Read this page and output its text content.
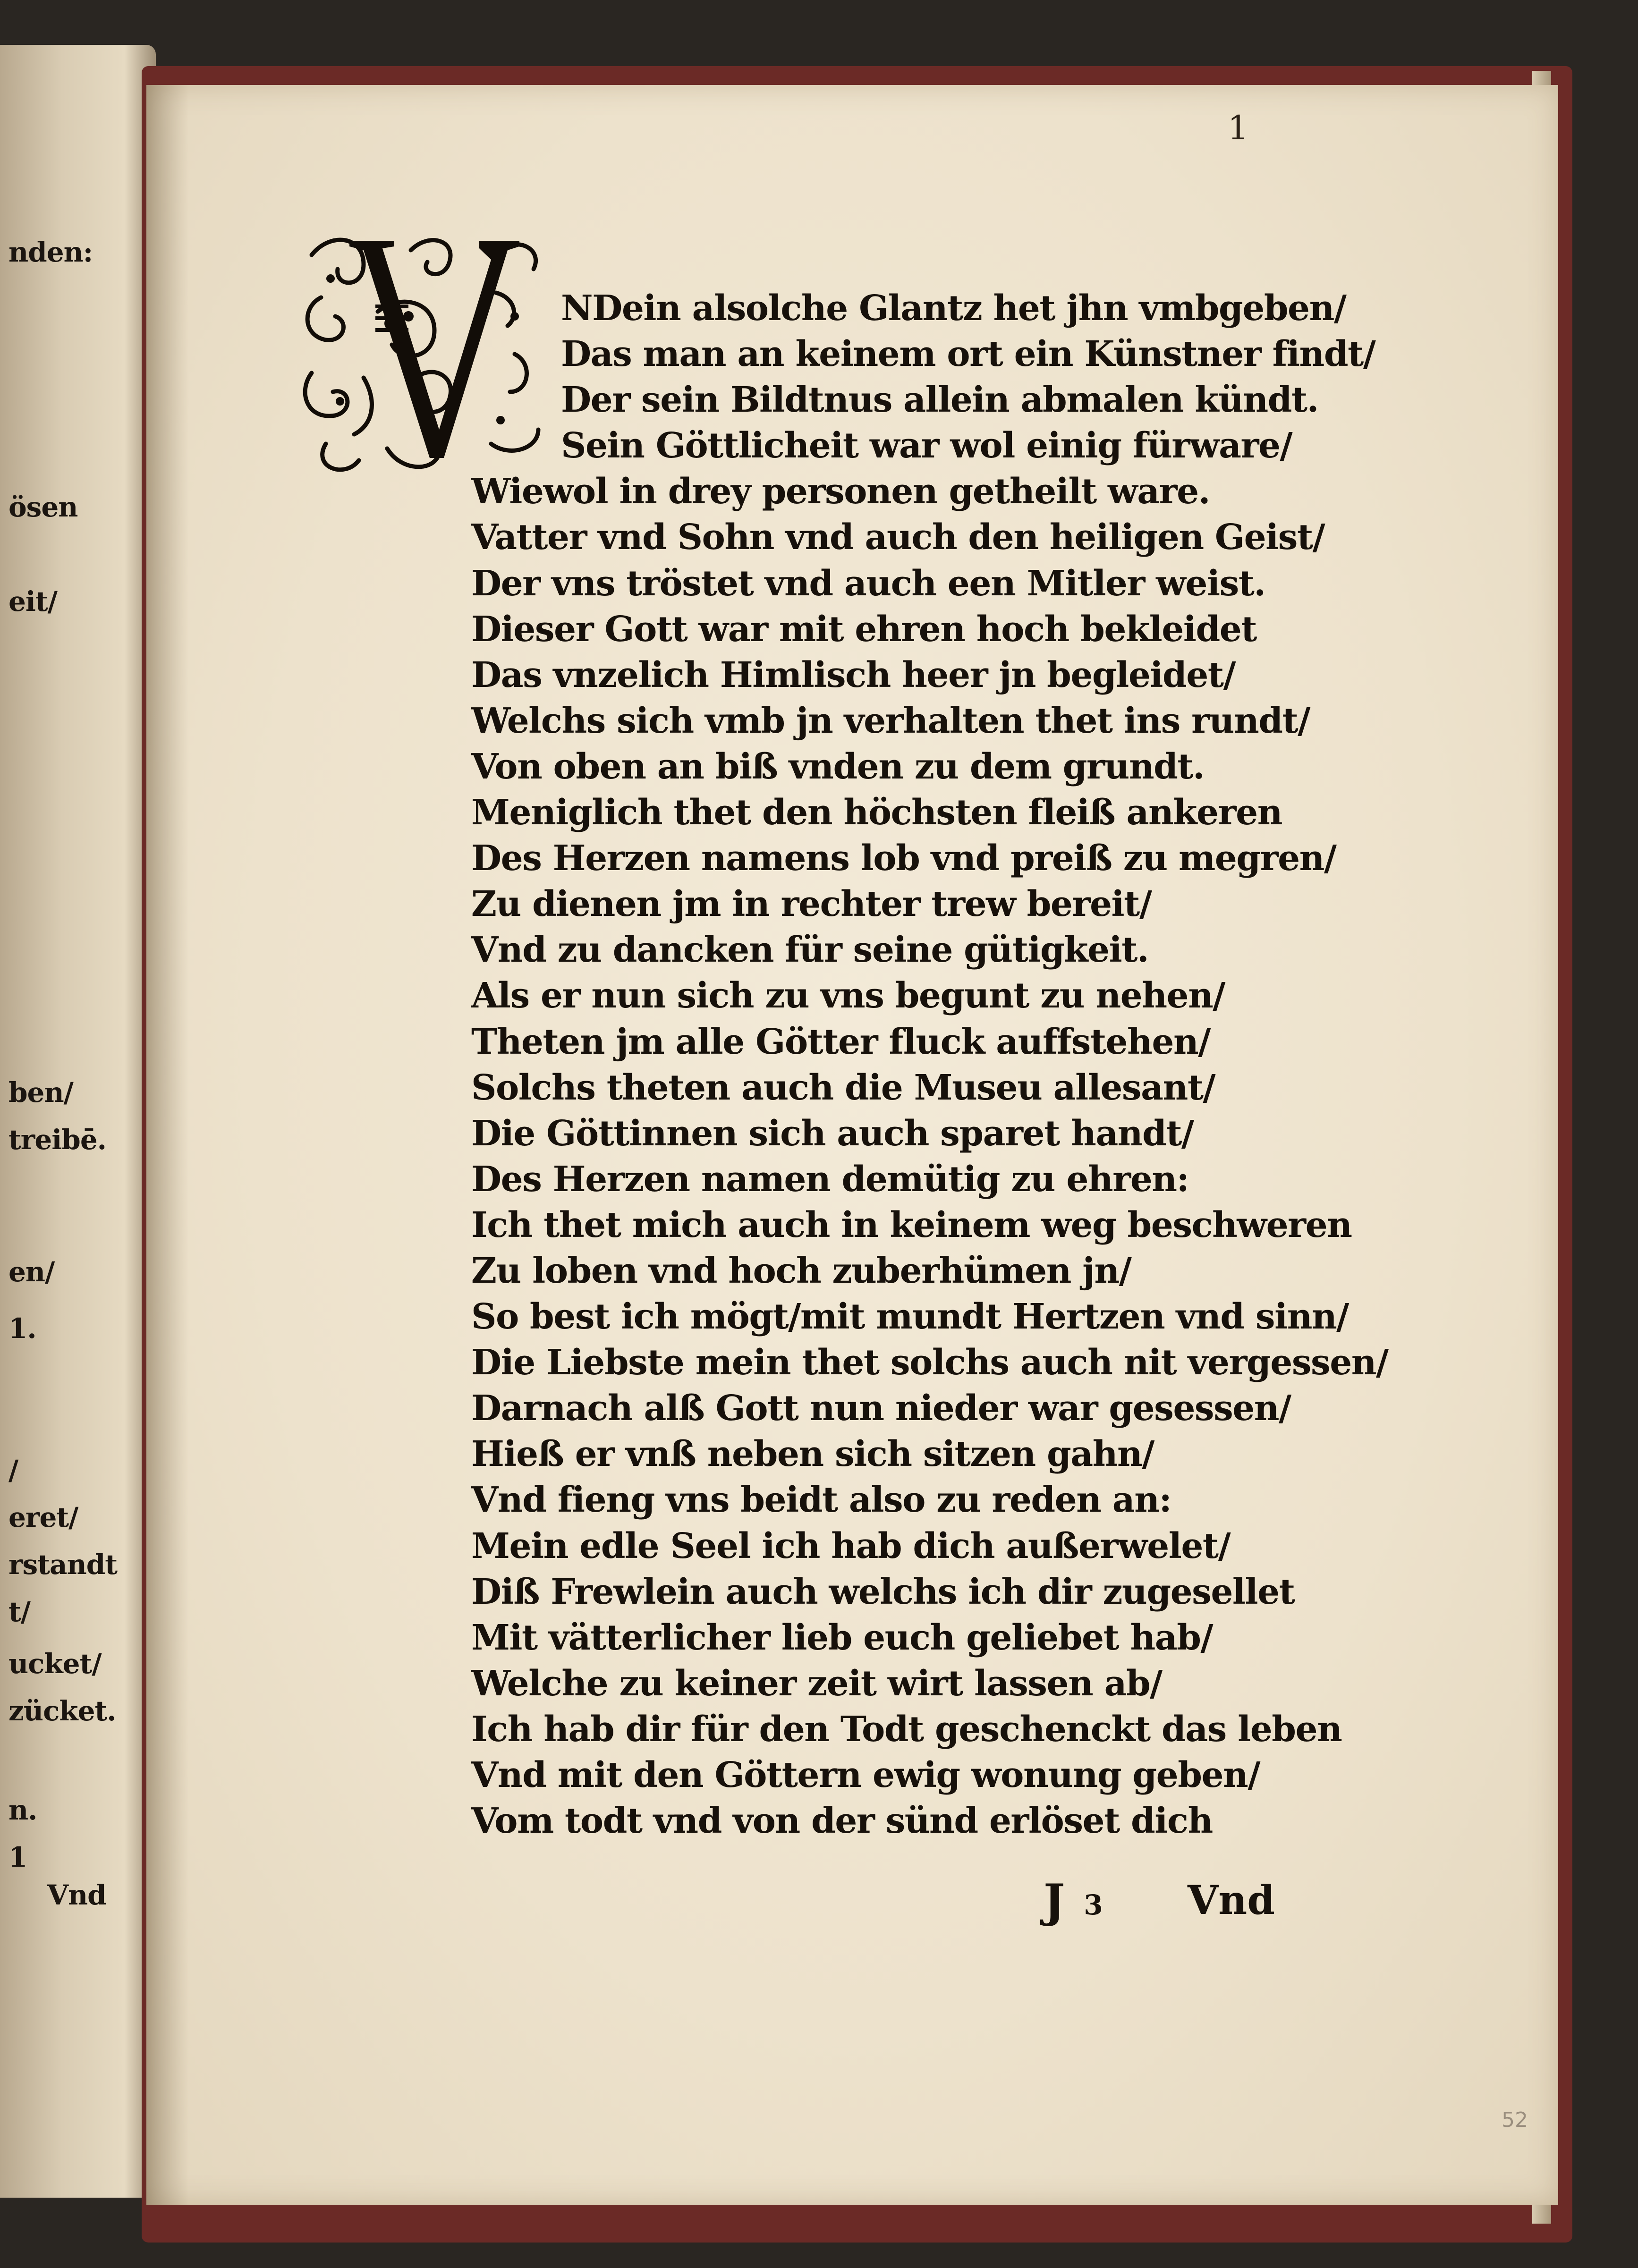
nden:
ösen
eit/
ben/
treibē.
en/
1.
/
eret/
rstandt
t/
ucket/
zücket.
n.
1
Vnd
1
NDein alsolche Glantz het jhn vmbgeben/
Das man an keinem ort ein Künstner findt/
Der sein Bildtnus allein abmalen kündt.
Sein Göttlicheit war wol einig fürware/
Wiewol in drey personen getheilt ware.
Vatter vnd Sohn vnd auch den heiligen Geist/
Der vns tröstet vnd auch een Mitler weist.
Dieser Gott war mit ehren hoch bekleidet
Das vnzelich Himlisch heer jn begleidet/
Welchs sich vmb jn verhalten thet ins rundt/
Von oben an biß vnden zu dem grundt.
Meniglich thet den höchsten fleiß ankeren
Des Herzen namens lob vnd preiß zu megren/
Zu dienen jm in rechter trew bereit/
Vnd zu dancken für seine gütigkeit.
Als er nun sich zu vns begunt zu nehen/
Theten jm alle Götter fluck auffstehen/
Solchs theten auch die Museu allesant/
Die Göttinnen sich auch sparet handt/
Des Herzen namen demütig zu ehren:
Ich thet mich auch in keinem weg beschweren
Zu loben vnd hoch zuberhümen jn/
So best ich mögt/mit mundt Hertzen vnd sinn/
Die Liebste mein thet solchs auch nit vergessen/
Darnach alß Gott nun nieder war gesessen/
Hieß er vnß neben sich sitzen gahn/
Vnd fieng vns beidt also zu reden an:
Mein edle Seel ich hab dich außerwelet/
Diß Frewlein auch welchs ich dir zugesellet
Mit vätterlicher lieb euch geliebet hab/
Welche zu keiner zeit wirt lassen ab/
Ich hab dir für den Todt geschenckt das leben
Vnd mit den Göttern ewig wonung geben/
Vom todt vnd von der sünd erlöset dich
J 3 Vnd
52
